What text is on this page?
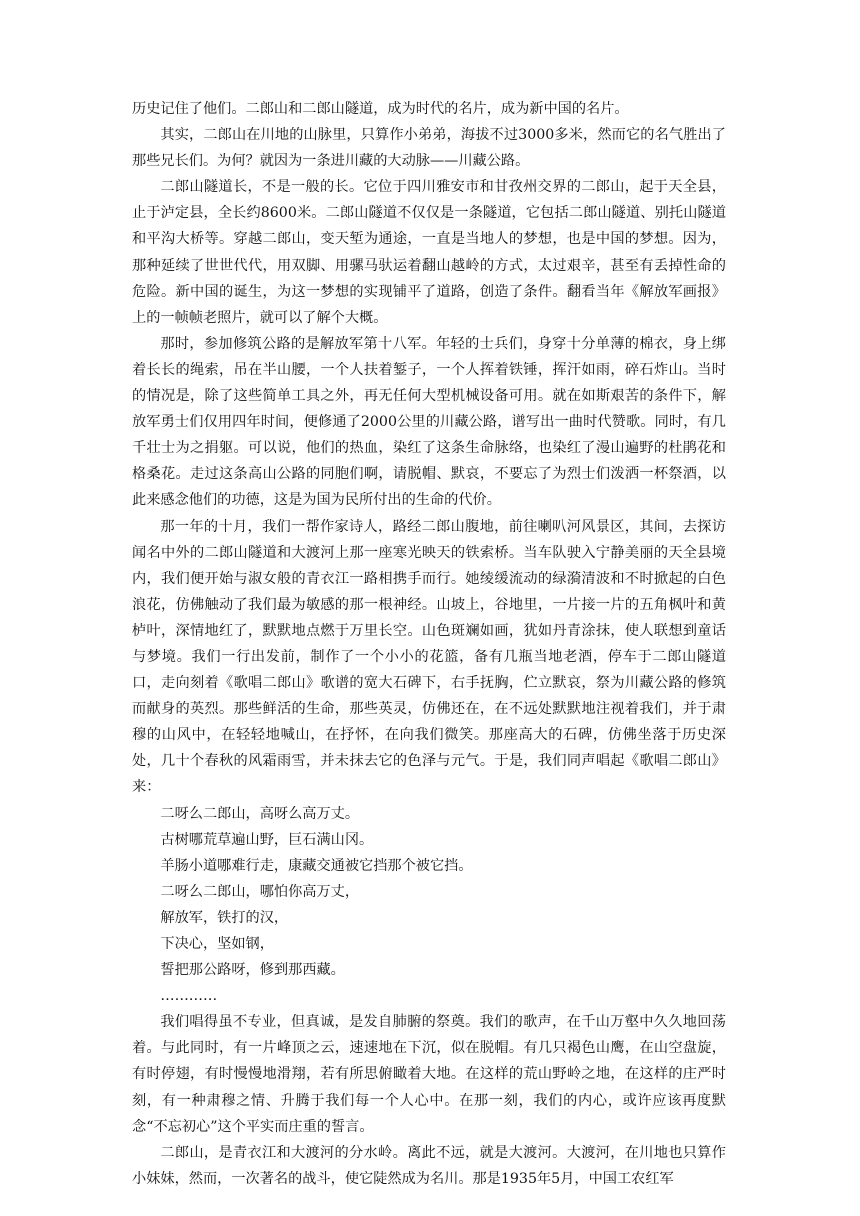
历史记住了他们。二郎山和二郎山隧道，成为时代的名片，成为新中国的名片。

其实，二郎山在川地的山脉里，只算作小弟弟，海拔不过3000多米，然而它的名气胜出了那些兄长们。为何？就因为一条进川藏的大动脉——川藏公路。

二郎山隧道长，不是一般的长。它位于四川雅安市和甘孜州交界的二郎山，起于天全县，止于泸定县，全长约8600米。二郎山隧道不仅仅是一条隧道，它包括二郎山隧道、别托山隧道和平沟大桥等。穿越二郎山，变天堑为通途，一直是当地人的梦想，也是中国的梦想。因为，那种延续了世世代代，用双脚、用骡马驮运着翻山越岭的方式，太过艰辛，甚至有丢掉性命的危险。新中国的诞生，为这一梦想的实现铺平了道路，创造了条件。翻看当年《解放军画报》上的一帧帧老照片，就可以了解个大概。

那时，参加修筑公路的是解放军第十八军。年轻的士兵们，身穿十分单薄的棉衣，身上绑着长长的绳索，吊在半山腰，一个人扶着錾子，一个人挥着铁锤，挥汗如雨，碎石炸山。当时的情况是，除了这些简单工具之外，再无任何大型机械设备可用。就在如斯艰苦的条件下，解放军勇士们仅用四年时间，便修通了2000公里的川藏公路，谱写出一曲时代赞歌。同时，有几千壮士为之捐躯。可以说，他们的热血，染红了这条生命脉络，也染红了漫山遍野的杜鹃花和格桑花。走过这条高山公路的同胞们啊，请脱帽、默哀，不要忘了为烈士们泼洒一杯祭酒，以此来感念他们的功德，这是为国为民所付出的生命的代价。

那一年的十月，我们一帮作家诗人，路经二郎山腹地，前往喇叭河风景区，其间，去探访闻名中外的二郎山隧道和大渡河上那一座寒光映天的铁索桥。当车队驶入宁静美丽的天全县境内，我们便开始与淑女般的青衣江一路相携手而行。她绫缓流动的绿漪清波和不时掀起的白色浪花，仿佛触动了我们最为敏感的那一根神经。山坡上，谷地里，一片接一片的五角枫叶和黄栌叶，深情地红了，默默地点燃于万里长空。山色斑斓如画，犹如丹青涂抹，使人联想到童话与梦境。我们一行出发前，制作了一个小小的花篮，备有几瓶当地老酒，停车于二郎山隧道口，走向刻着《歌唱二郎山》歌谱的宽大石碑下，右手抚胸，伫立默哀，祭为川藏公路的修筑而献身的英烈。那些鲜活的生命，那些英灵，仿佛还在，在不远处默默地注视着我们，并于肃穆的山风中，在轻轻地喊山，在抒怀，在向我们微笑。那座高大的石碑，仿佛坐落于历史深处，几十个春秋的风霜雨雪，并未抹去它的色泽与元气。于是，我们同声唱起《歌唱二郎山》来：

二呀么二郎山，高呀么高万丈。
古树哪荒草遍山野，巨石满山冈。
羊肠小道哪难行走，康藏交通被它挡那个被它挡。
二呀么二郎山，哪怕你高万丈，
解放军，铁打的汉，
下决心，坚如钢，
誓把那公路呀，修到那西藏。
…………

我们唱得虽不专业，但真诚，是发自肺腑的祭奠。我们的歌声，在千山万壑中久久地回荡着。与此同时，有一片峰顶之云，速速地在下沉，似在脱帽。有几只褐色山鹰，在山空盘旋，有时停翅，有时慢慢地滑翔，若有所思俯瞰着大地。在这样的荒山野岭之地，在这样的庄严时刻，有一种肃穆之情、升腾于我们每一个人心中。在那一刻，我们的内心，或许应该再度默念“不忘初心”这个平实而庄重的誓言。

二郎山，是青衣江和大渡河的分水岭。离此不远，就是大渡河。大渡河，在川地也只算作小妹妹，然而，一次著名的战斗，使它陡然成为名川。那是1935年5月，中国工农红军
